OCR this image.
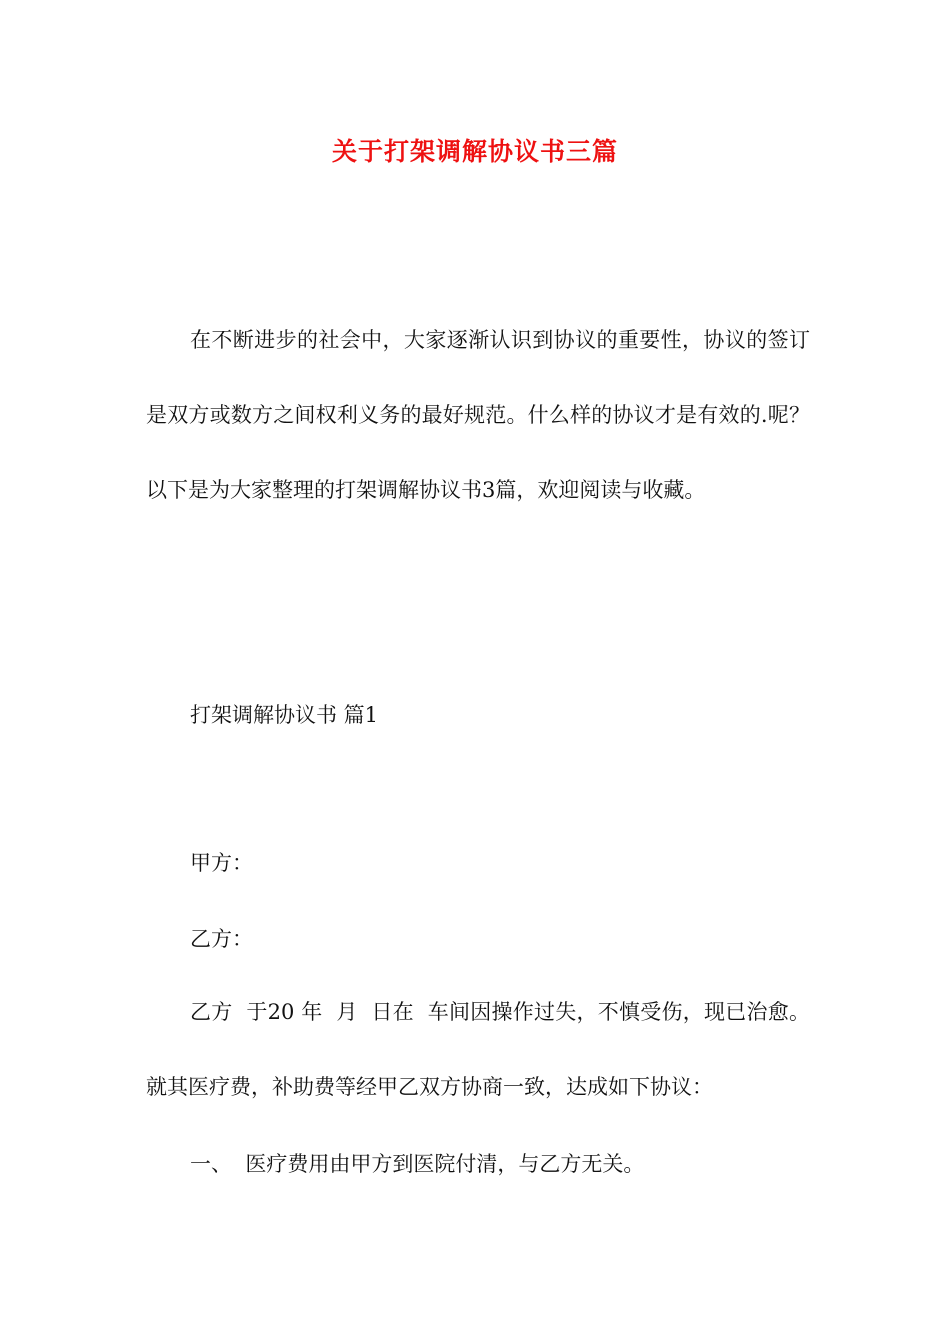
关于打架调解协议书三篇
在不断进步的社会中，大家逐渐认识到协议的重要性，协议的签订是双方或数方之间权利义务的最好规范。什么样的协议才是有效的.呢？以下是为大家整理的打架调解协议书3篇，欢迎阅读与收藏。
打架调解协议书 篇1
甲方：
乙方：
乙方  于20 年  月  日在  车间因操作过失，不慎受伤，现已治愈。就其医疗费，补助费等经甲乙双方协商一致，达成如下协议：
一、  医疗费用由甲方到医院付清，与乙方无关。
